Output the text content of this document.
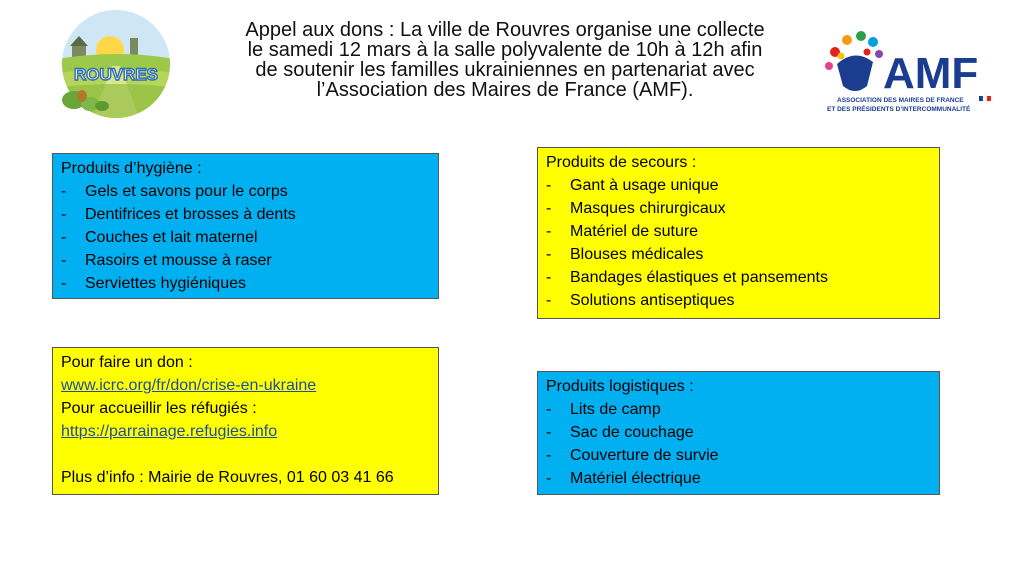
ROUVRES	AMF
ASSOCIATION DES MAIRES DE FRANCE
ET DES PRÉSIDENTS D’INTERCOMMUNALITÉ
Appel aux dons : La ville de Rouvres organise une collecte
le samedi 12 mars à la salle polyvalente de 10h à 12h afin
de soutenir les familles ukrainiennes en partenariat avec
l’Association des Maires de France (AMF).
Produits d’hygiène :
- Gels et savons pour le corps
- Dentifrices et brosses à dents
- Couches et lait maternel
- Rasoirs et mousse à raser
- Serviettes hygiéniques
Produits de secours :
- Gant à usage unique
- Masques chirurgicaux
- Matériel de suture
- Blouses médicales
- Bandages élastiques et pansements
- Solutions antiseptiques
Pour faire un don :
www.icrc.org/fr/don/crise-en-ukraine
Pour accueillir les réfugiés :
https://parrainage.refugies.info
Plus d’info : Mairie de Rouvres, 01 60 03 41 66
Produits logistiques :
- Lits de camp
- Sac de couchage
- Couverture de survie
- Matériel électrique
